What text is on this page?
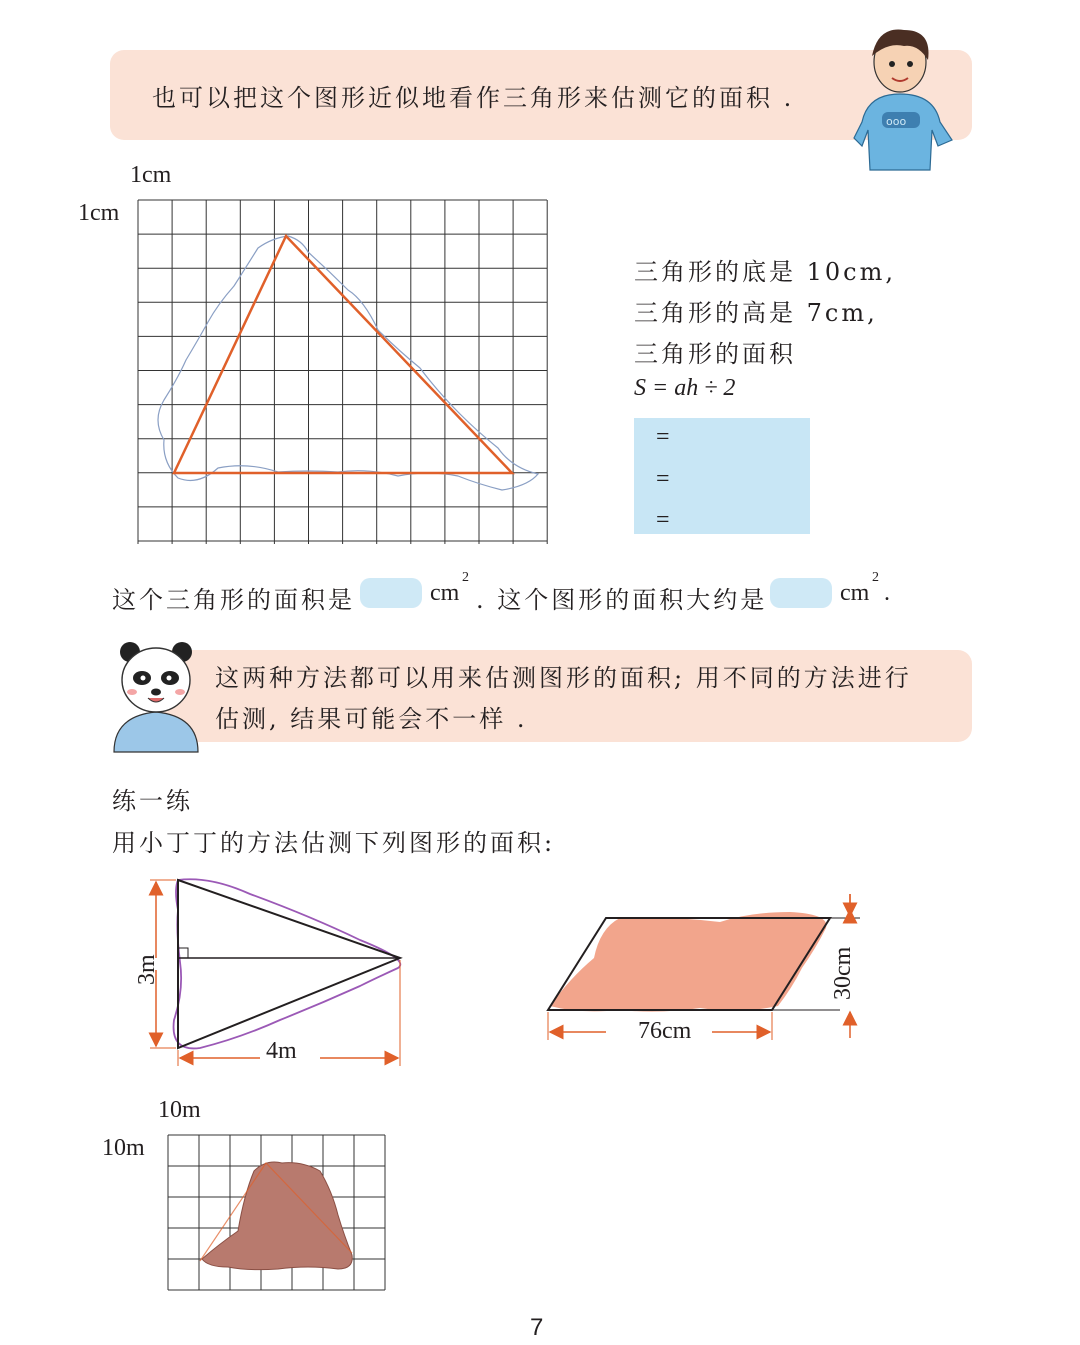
也可以把这个图形近似地看作三角形来估测它的面积 .
ooo
1cm
1cm
三角形的底是 10cm,
三角形的高是 7cm,
三角形的面积
S = ah ÷ 2
=
=
=
这个三角形的面积是	cm
2
. 这个图形的面积大约是	cm
2
.
这两种方法都可以用来估测图形的面积; 用不同的方法进行
估测, 结果可能会不一样 .
练一练
用小丁丁的方法估测下列图形的面积:
3m
4m
76cm
30cm
10m
10m
7
